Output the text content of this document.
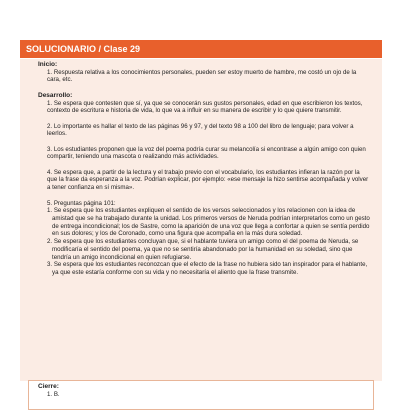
SOLUCIONARIO / Clase 29
Inicio:

1. Respuesta relativa a los conocimientos personales, pueden ser estoy muerto de hambre, me costó un ojo de la cara, etc.

Desarrollo:

1. Se espera que contesten que sí, ya que se conocerán sus gustos personales, edad en que escribieron los textos, contexto de escritura e historia de vida, lo que va a influir en su manera de escribir y lo que quiere transmitir.

2. Lo importante es hallar el texto de las páginas 96 y 97, y del texto 98 a 100 del libro de lenguaje; para volver a leerlos.

3. Los estudiantes proponen que la voz del poema podría curar su melancolía si encontrase a algún amigo con quien compartir, teniendo una mascota o realizando más actividades.

4. Se espera que, a partir de la lectura y el trabajo previo con el vocabulario, los estudiantes infieran la razón por la que la frase da esperanza a la voz. Podrían explicar, por ejemplo: «ese mensaje la hizo sentirse acompañada y volver a tener confianza en sí misma».

5. Preguntas página 101:

1. Se espera que los estudiantes expliquen el sentido de los versos seleccionados y los relacionen con la idea de amistad que se ha trabajado durante la unidad. Los primeros versos de Neruda podrían interpretarlos como un gesto de entrega incondicional; los de Sastre, como la aparición de una voz que llega a confortar a quien se sentía perdido en sus dolores; y los de Coronado, como una figura que acompaña en la más dura soledad.

2. Se espera que los estudiantes concluyan que, si el hablante tuviera un amigo como el del poema de Neruda, se modificaría el sentido del poema, ya que no se sentiría abandonado por la humanidad en su soledad, sino que tendría un amigo incondicional en quien refugiarse.

3. Se espera que los estudiantes reconozcan que el efecto de la frase no hubiera sido tan inspirador para el hablante, ya que este estaría conforme con su vida y no necesitaría el aliento que la frase transmite.

Cierre:

1. B.
